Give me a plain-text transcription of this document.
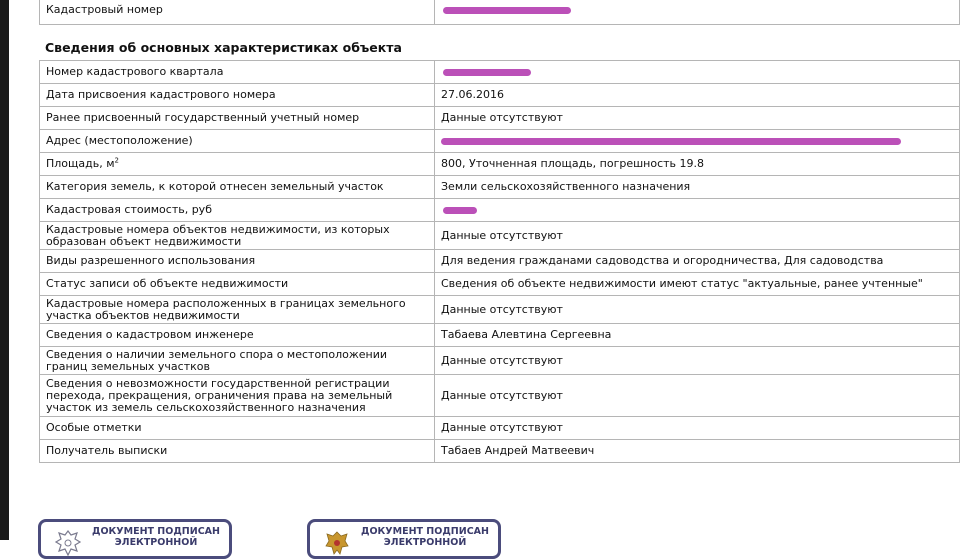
Кадастровый номер	
Сведения об основных характеристиках объекта
Номер кадастрового квартала	
Дата присвоения кадастрового номера	27.06.2016
Ранее присвоенный государственный учетный номер	Данные отсутствуют
Адрес (местоположение)	
Площадь, $м^2$	800, Уточненная площадь, погрешность 19.8
Категория земель, к которой отнесен земельный участок	Земли сельскохозяйственного назначения
Кадастровая стоимость, руб	
Кадастровые номера объектов недвижимости, из которых образован объект недвижимости	Данные отсутствуют
Виды разрешенного использования	Для ведения гражданами садоводства и огородничества, Для садоводства
Статус записи об объекте недвижимости	Сведения об объекте недвижимости имеют статус "актуальные, ранее учтенные"
Кадастровые номера расположенных в границах земельного участка объектов недвижимости	Данные отсутствуют
Сведения о кадастровом инженере	Табаева Алевтина Сергеевна
Сведения о наличии земельного спора о местоположении границ земельных участков	Данные отсутствуют
Сведения о невозможности государственной регистрации перехода, прекращения, ограничения права на земельный участок из земель сельскохозяйственного назначения	Данные отсутствуют
Особые отметки	Данные отсутствуют
Получатель выписки	Табаев Андрей Матвеевич
ДОКУМЕНТ ПОДПИСАН
ЭЛЕКТРОННОЙ
ДОКУМЕНТ ПОДПИСАН
ЭЛЕКТРОННОЙ
